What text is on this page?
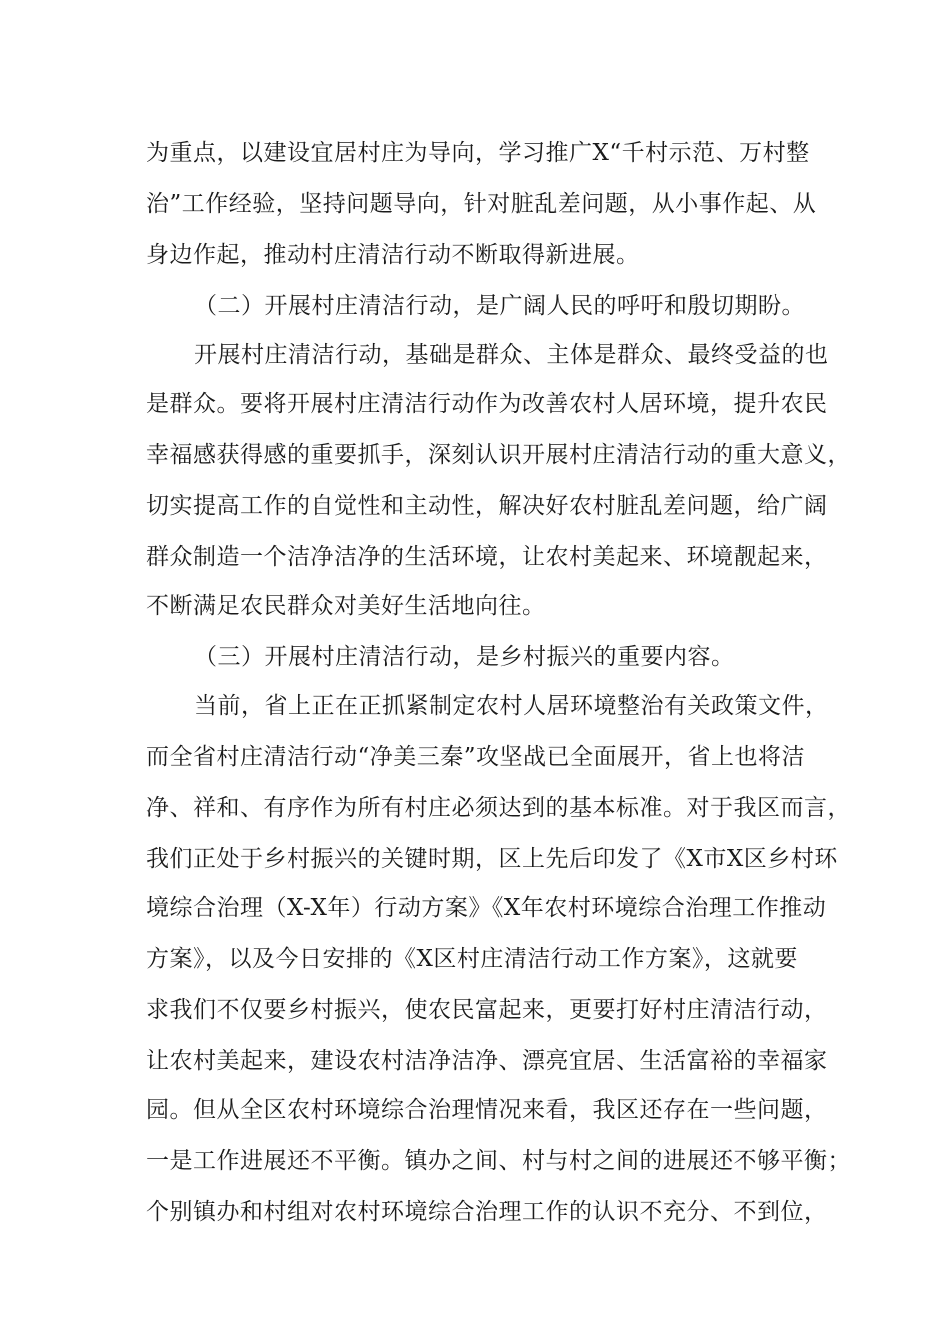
为重点，以建设宜居村庄为导向，学习推广X“千村示范、万村整
治”工作经验，坚持问题导向，针对脏乱差问题，从小事作起、从
身边作起，推动村庄清洁行动不断取得新进展。
（二）开展村庄清洁行动，是广阔人民的呼吁和殷切期盼。
开展村庄清洁行动，基础是群众、主体是群众、最终受益的也
是群众。要将开展村庄清洁行动作为改善农村人居环境，提升农民
幸福感获得感的重要抓手，深刻认识开展村庄清洁行动的重大意义，
切实提高工作的自觉性和主动性，解决好农村脏乱差问题，给广阔
群众制造一个洁净洁净的生活环境，让农村美起来、环境靓起来，
不断满足农民群众对美好生活地向往。
（三）开展村庄清洁行动，是乡村振兴的重要内容。
当前，省上正在正抓紧制定农村人居环境整治有关政策文件，
而全省村庄清洁行动“净美三秦”攻坚战已全面展开，省上也将洁
净、祥和、有序作为所有村庄必须达到的基本标准。对于我区而言，
我们正处于乡村振兴的关键时期，区上先后印发了《X市X区乡村环
境综合治理（X-X年）行动方案》《X年农村环境综合治理工作推动
方案》，以及今日安排的《X区村庄清洁行动工作方案》，这就要
求我们不仅要乡村振兴，使农民富起来，更要打好村庄清洁行动，
让农村美起来，建设农村洁净洁净、漂亮宜居、生活富裕的幸福家
园。但从全区农村环境综合治理情况来看，我区还存在一些问题，
一是工作进展还不平衡。镇办之间、村与村之间的进展还不够平衡；
个别镇办和村组对农村环境综合治理工作的认识不充分、不到位，
